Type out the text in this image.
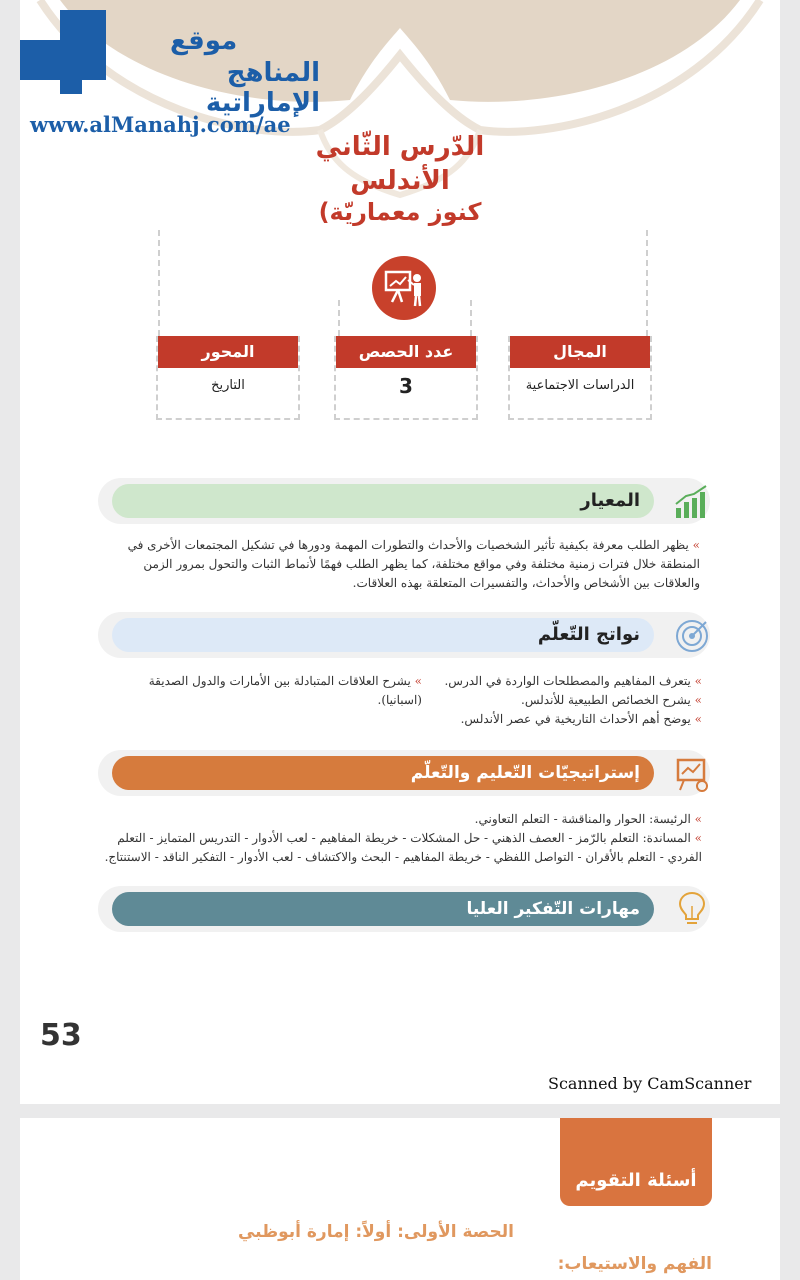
موقع
المناهج الإماراتية
www.alManahj.com/ae
الدّرس الثّاني
الأندلس
كنوز معماريّة)
المحور
التاريخ
عدد الحصص
3
المجال
الدراسات الاجتماعية
المعيار
» يظهر الطلب معرفة بكيفية تأثير الشخصيات والأحداث والتطورات المهمة ودورها في تشكيل المجتمعات الأخرى في المنطقة خلال فترات زمنية مختلفة وفي مواقع مختلفة، كما يظهر الطلب فهمًا لأنماط الثبات والتحول بمرور الزمن والعلاقات بين الأشخاص والأحداث، والتفسيرات المتعلقة بهذه العلاقات.
نواتج التّعلّم
» يتعرف المفاهيم والمصطلحات الواردة في الدرس.
» يشرح الخصائص الطبيعية للأندلس.
» يوضح أهم الأحداث التاريخية في عصر الأندلس.
» يشرح العلاقات المتبادلة بين الأمارات والدول الصديقة (اسبانيا).
إستراتيجيّات التّعليم والتّعلّم
» الرئيسة: الحوار والمناقشة - التعلم التعاوني.
» المساندة: التعلم بالرّمز - العصف الذهني - حل المشكلات - خريطة المفاهيم - لعب الأدوار - التدريس المتمايز - التعلم الفردي - التعلم بالأقران - التواصل اللفظي - خريطة المفاهيم - البحث والاكتشاف - لعب الأدوار - التفكير الناقد - الاستنتاج.
مهارات التّفكير العليا
53
Scanned by CamScanner
أسئلة التقويم
الحصة الأولى: أولاً: إمارة أبوظبي
الفهم والاستيعاب:
